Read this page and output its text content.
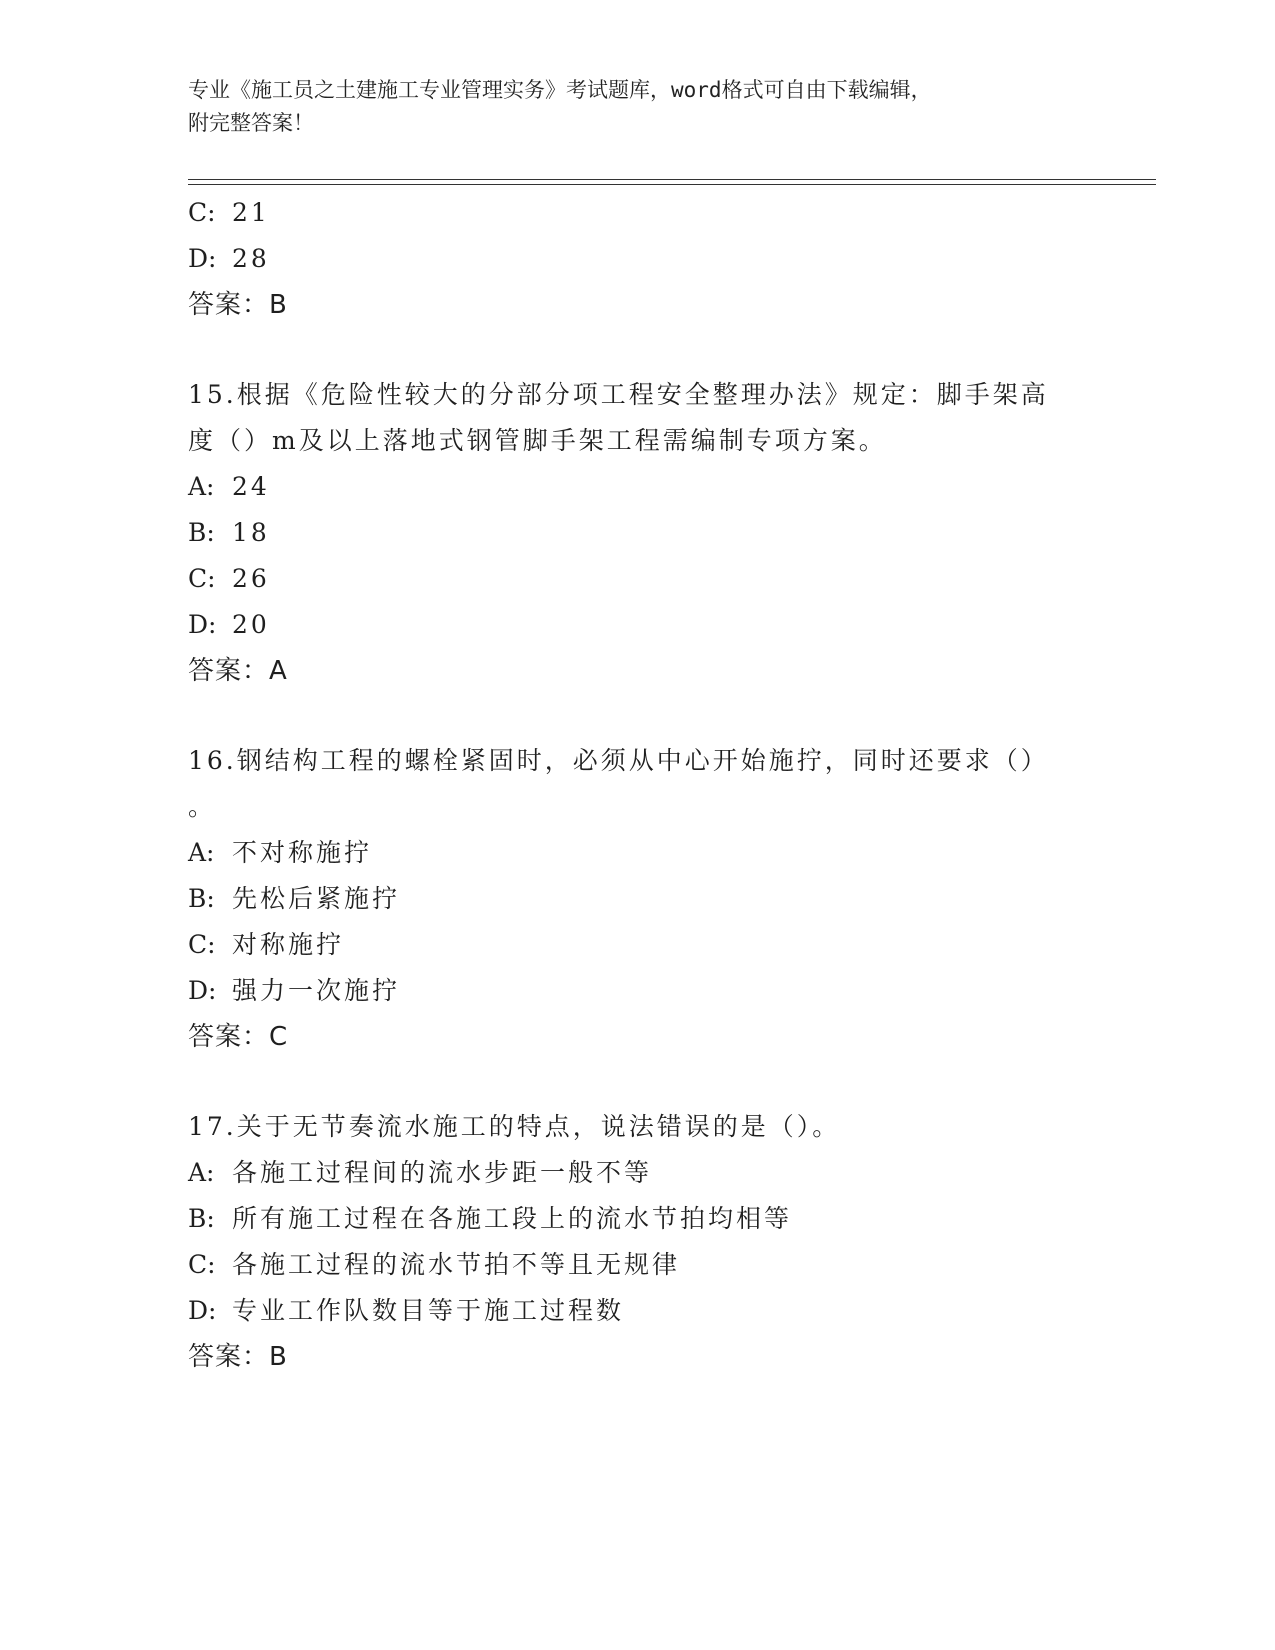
专业《施工员之土建施工专业管理实务》考试题库，word格式可自由下载编辑，
附完整答案！
C: 21
D: 28
答案：B
15.根据《危险性较大的分部分项工程安全整理办法》规定：脚手架高
度（）m及以上落地式钢管脚手架工程需编制专项方案。
A: 24
B: 18
C: 26
D: 20
答案：A
16.钢结构工程的螺栓紧固时，必须从中心开始施拧，同时还要求（）
。
A: 不对称施拧
B: 先松后紧施拧
C: 对称施拧
D: 强力一次施拧
答案：C
17.关于无节奏流水施工的特点，说法错误的是（）。
A: 各施工过程间的流水步距一般不等
B: 所有施工过程在各施工段上的流水节拍均相等
C: 各施工过程的流水节拍不等且无规律
D: 专业工作队数目等于施工过程数
答案：B
